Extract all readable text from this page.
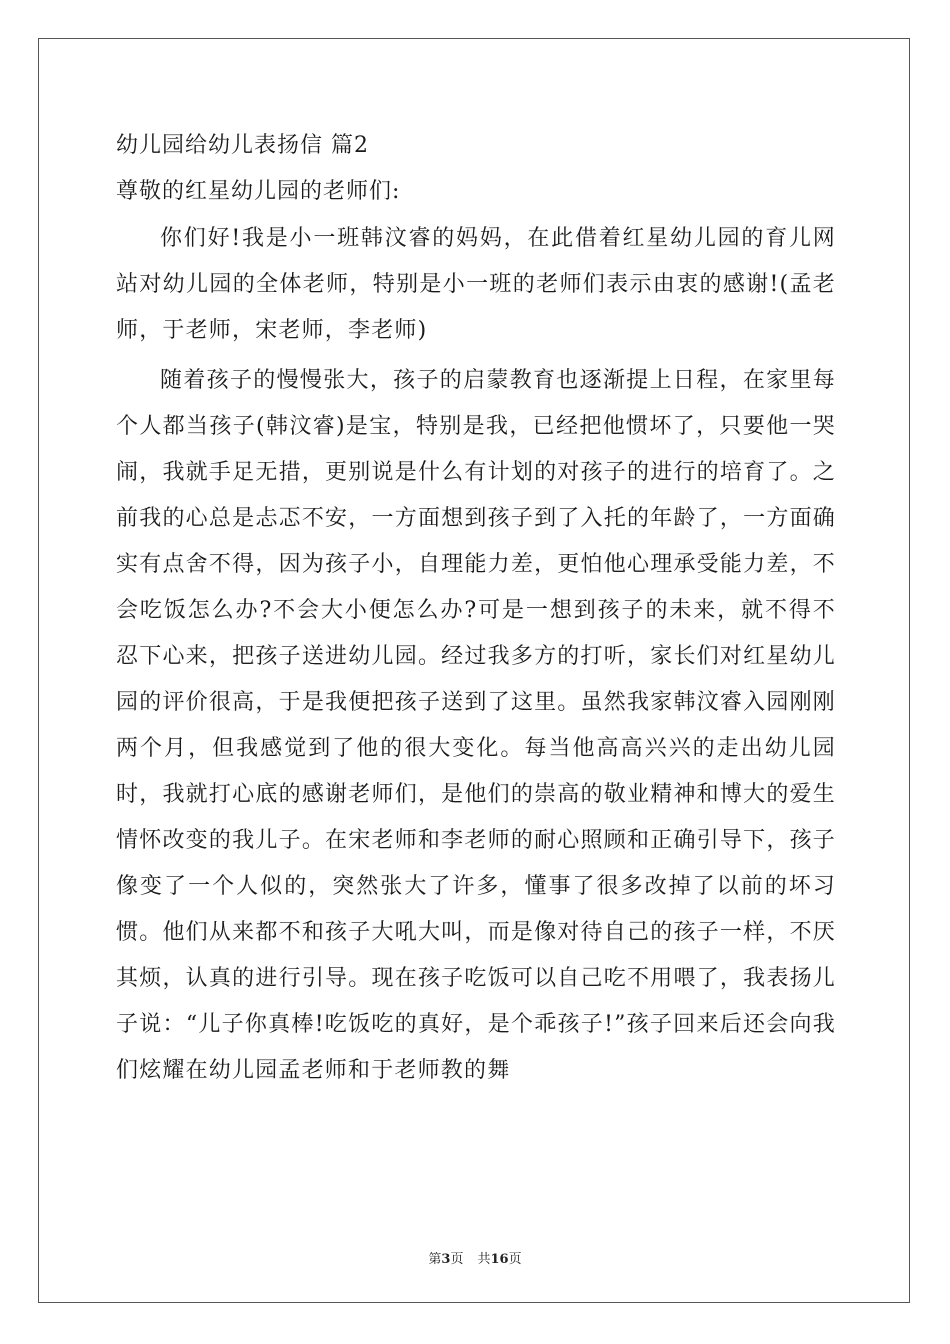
幼儿园给幼儿表扬信 篇2
尊敬的红星幼儿园的老师们:
你们好!我是小一班韩汶睿的妈妈，在此借着红星幼儿园的育儿网站对幼儿园的全体老师，特别是小一班的老师们表示由衷的感谢!(孟老师，于老师，宋老师，李老师)
随着孩子的慢慢张大，孩子的启蒙教育也逐渐提上日程，在家里每个人都当孩子(韩汶睿)是宝，特别是我，已经把他惯坏了，只要他一哭闹，我就手足无措，更别说是什么有计划的对孩子的进行的培育了。之前我的心总是忐忑不安，一方面想到孩子到了入托的年龄了，一方面确实有点舍不得，因为孩子小，自理能力差，更怕他心理承受能力差，不会吃饭怎么办?不会大小便怎么办?可是一想到孩子的未来，就不得不忍下心来，把孩子送进幼儿园。经过我多方的打听，家长们对红星幼儿园的评价很高，于是我便把孩子送到了这里。虽然我家韩汶睿入园刚刚两个月，但我感觉到了他的很大变化。每当他高高兴兴的走出幼儿园时，我就打心底的感谢老师们，是他们的崇高的敬业精神和博大的爱生情怀改变的我儿子。在宋老师和李老师的耐心照顾和正确引导下，孩子像变了一个人似的，突然张大了许多，懂事了很多改掉了以前的坏习惯。他们从来都不和孩子大吼大叫，而是像对待自己的孩子一样，不厌其烦，认真的进行引导。现在孩子吃饭可以自己吃不用喂了，我表扬儿子说：“儿子你真棒!吃饭吃的真好，是个乖孩子!”孩子回来后还会向我们炫耀在幼儿园孟老师和于老师教的舞
第3页 共16页
